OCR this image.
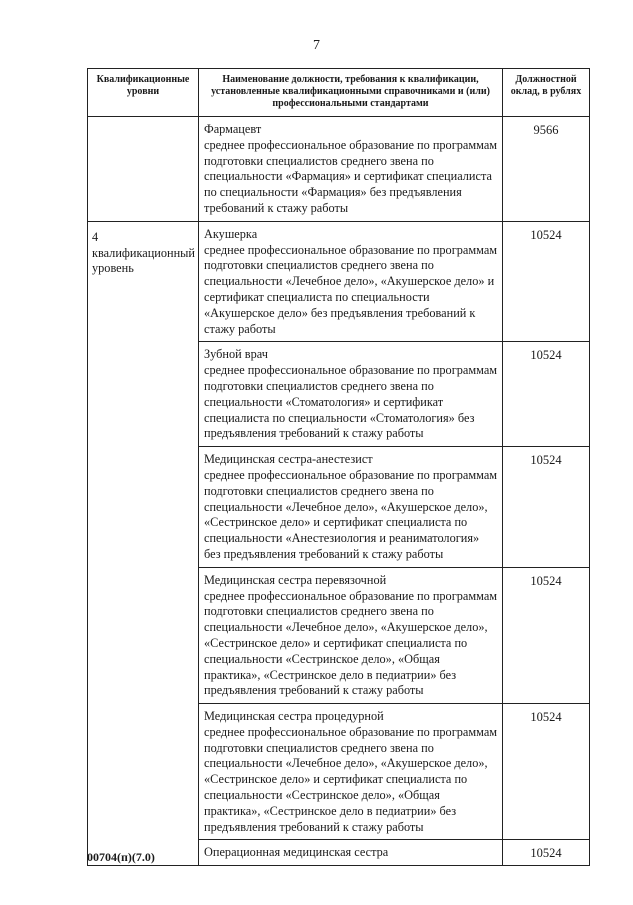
7
Квалификационные уровни	Наименование должности, требования к квалификации, установленные квалификационными справочниками и (или) профессиональными стандартами	Должностной оклад, в рублях

	Фармацевт
среднее профессиональное образование по программам подготовки специалистов среднего звена по специальности «Фармация» и сертификат специалиста по специальности «Фармация» без предъявления требований к стажу работы	9566
4 квалификационный уровень	Акушерка
среднее профессиональное образование по программам подготовки специалистов среднего звена по специальности «Лечебное дело», «Акушерское дело» и сертификат специалиста по специальности «Акушерское дело» без предъявления требований к стажу работы	10524

	Зубной врач
среднее профессиональное образование по программам подготовки специалистов среднего звена по специальности «Стоматология» и сертификат специалиста по специальности «Стоматология» без предъявления требований к стажу работы	10524

	Медицинская сестра-анестезист
среднее профессиональное образование по программам подготовки специалистов среднего звена по специальности «Лечебное дело», «Акушерское дело», «Сестринское дело» и сертификат специалиста по специальности «Анестезиология и реаниматология» без предъявления требований к стажу работы	10524

	Медицинская сестра перевязочной
среднее профессиональное образование по программам подготовки специалистов среднего звена по специальности «Лечебное дело», «Акушерское дело», «Сестринское дело» и сертификат специалиста по специальности «Сестринское дело», «Общая практика», «Сестринское дело в педиатрии» без предъявления требований к стажу работы	10524

	Медицинская сестра процедурной
среднее профессиональное образование по программам подготовки специалистов среднего звена по специальности «Лечебное дело», «Акушерское дело», «Сестринское дело» и сертификат специалиста по специальности «Сестринское дело», «Общая практика», «Сестринское дело в педиатрии» без предъявления требований к стажу работы	10524

	Операционная медицинская сестра	10524
00704(п)(7.0)
